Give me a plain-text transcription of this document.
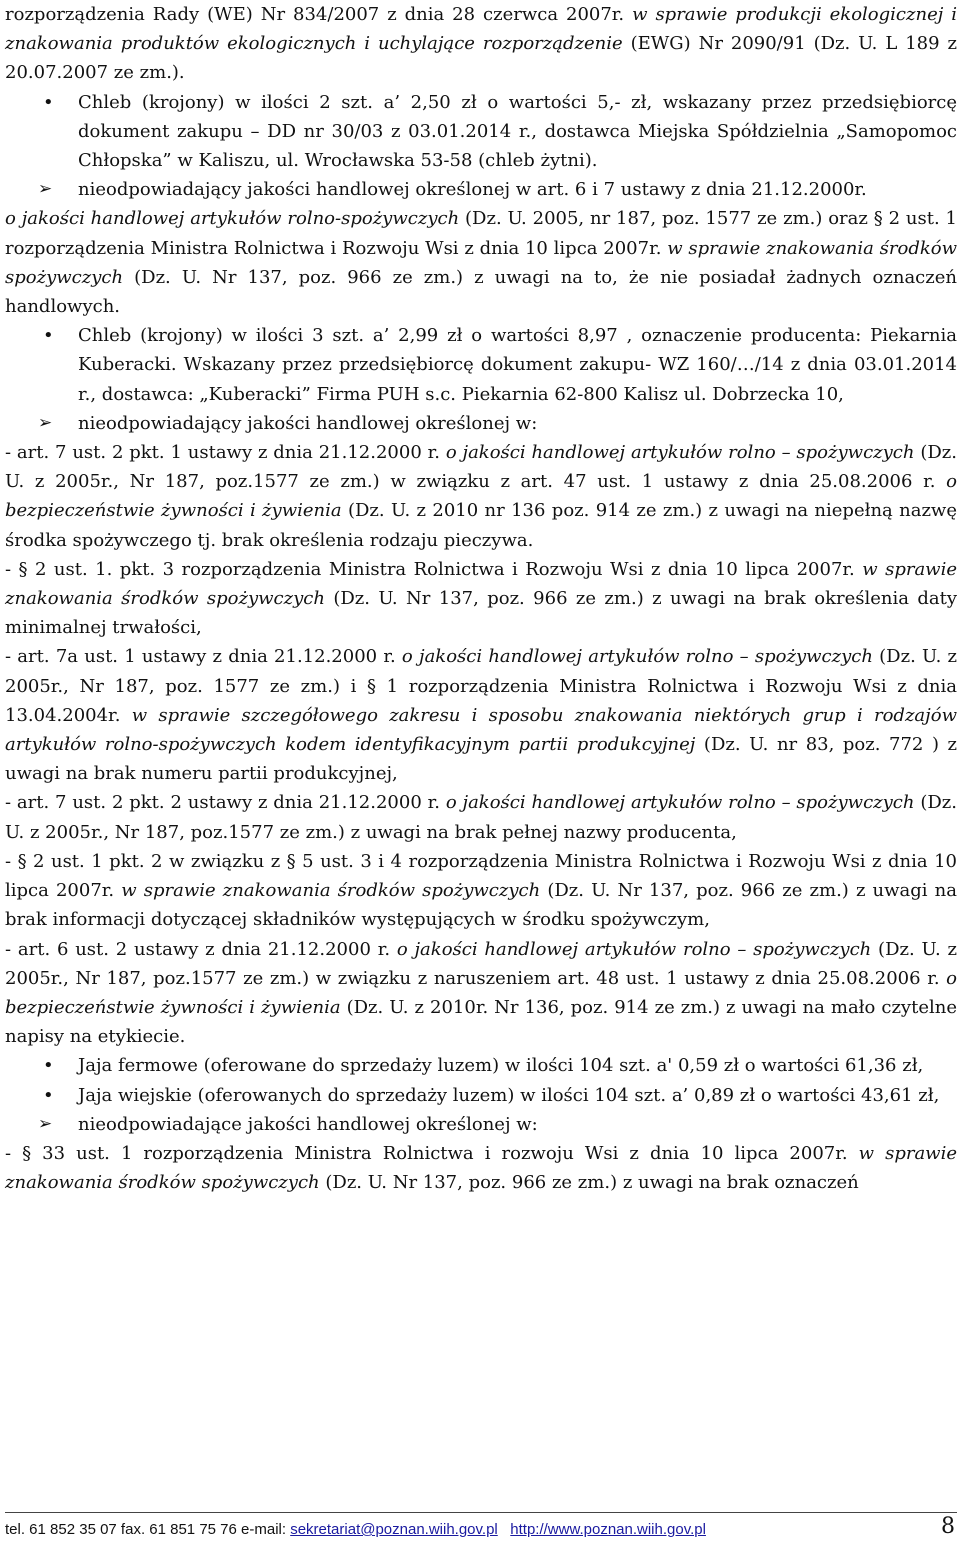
rozporządzenia Rady (WE) Nr 834/2007 z dnia 28 czerwca 2007r. w sprawie produkcji ekologicznej i znakowania produktów ekologicznych i uchylające rozporządzenie (EWG) Nr 2090/91 (Dz. U. L 189 z 20.07.2007 ze zm.).

•	Chleb (krojony) w ilości 2 szt. a’ 2,50 zł o wartości 5,- zł, wskazany przez przedsiębiorcę dokument zakupu – DD nr 30/03 z 03.01.2014 r., dostawca Miejska Spółdzielnia „Samopomoc Chłopska” w Kaliszu, ul. Wrocławska 53-58 (chleb żytni).

➢ nieodpowiadający jakości handlowej określonej w art. 6 i 7 ustawy z dnia 21.12.2000r.

o jakości handlowej artykułów rolno-spożywczych (Dz. U. 2005, nr 187, poz. 1577 ze zm.) oraz § 2 ust. 1 rozporządzenia Ministra Rolnictwa i Rozwoju Wsi z dnia 10 lipca 2007r. w sprawie znakowania środków spożywczych (Dz. U. Nr 137, poz. 966 ze zm.) z uwagi na to, że nie posiadał żadnych oznaczeń handlowych.

•	Chleb (krojony) w ilości 3 szt. a’ 2,99 zł o wartości 8,97 , oznaczenie producenta: Piekarnia Kuberacki. Wskazany przez przedsiębiorcę dokument zakupu- WZ 160/…/14 z dnia 03.01.2014 r., dostawca: „Kuberacki” Firma PUH s.c. Piekarnia 62-800 Kalisz ul. Dobrzecka 10,

➢ nieodpowiadający jakości handlowej określonej w:

- art. 7 ust. 2 pkt. 1 ustawy z dnia 21.12.2000 r. o jakości handlowej artykułów rolno – spożywczych (Dz. U. z 2005r., Nr 187, poz.1577 ze zm.) w związku z art. 47 ust. 1 ustawy z dnia 25.08.2006 r. o bezpieczeństwie żywności i żywienia (Dz. U. z 2010 nr 136 poz. 914 ze zm.) z uwagi na niepełną nazwę środka spożywczego tj. brak określenia rodzaju pieczywa.

- § 2 ust. 1. pkt. 3 rozporządzenia Ministra Rolnictwa i Rozwoju Wsi z dnia 10 lipca 2007r. w sprawie znakowania środków spożywczych (Dz. U. Nr 137, poz. 966 ze zm.) z uwagi na brak określenia daty minimalnej trwałości,

- art. 7a ust. 1 ustawy z dnia 21.12.2000 r. o jakości handlowej artykułów rolno – spożywczych (Dz. U. z 2005r., Nr 187, poz. 1577 ze zm.) i § 1 rozporządzenia Ministra Rolnictwa i Rozwoju Wsi z dnia 13.04.2004r. w sprawie szczegółowego zakresu i sposobu znakowania niektórych grup i rodzajów artykułów rolno-spożywczych kodem identyfikacyjnym partii produkcyjnej (Dz. U. nr 83, poz. 772 ) z uwagi na brak numeru partii produkcyjnej,

- art. 7 ust. 2 pkt. 2 ustawy z dnia 21.12.2000 r. o jakości handlowej artykułów rolno – spożywczych (Dz. U. z 2005r., Nr 187, poz.1577 ze zm.) z uwagi na brak pełnej nazwy producenta,

- § 2 ust. 1 pkt. 2 w związku z § 5 ust. 3 i 4 rozporządzenia Ministra Rolnictwa i Rozwoju Wsi z dnia 10 lipca 2007r. w sprawie znakowania środków spożywczych (Dz. U. Nr 137, poz. 966 ze zm.) z uwagi na brak informacji dotyczącej składników występujących w środku spożywczym,

- art. 6 ust. 2 ustawy z dnia 21.12.2000 r. o jakości handlowej artykułów rolno – spożywczych (Dz. U. z 2005r., Nr 187, poz.1577 ze zm.) w związku z naruszeniem art. 48 ust. 1 ustawy z dnia 25.08.2006 r. o bezpieczeństwie żywności i żywienia (Dz. U. z 2010r. Nr 136, poz. 914 ze zm.) z uwagi na mało czytelne napisy na etykiecie.

•	Jaja fermowe (oferowane do sprzedaży luzem) w ilości 104 szt. a' 0,59 zł o wartości 61,36 zł,

•	Jaja wiejskie (oferowanych do sprzedaży luzem) w ilości 104 szt. a’ 0,89 zł o wartości 43,61 zł,

➢ nieodpowiadające jakości handlowej określonej w:

- § 33 ust. 1 rozporządzenia Ministra Rolnictwa i rozwoju Wsi z dnia 10 lipca 2007r. w sprawie znakowania środków spożywczych (Dz. U. Nr 137, poz. 966 ze zm.) z uwagi na brak oznaczeń

tel. 61 852 35 07 fax. 61 851 75 76 e-mail: sekretariat@poznan.wiih.gov.pl http://www.poznan.wiih.gov.pl	8
